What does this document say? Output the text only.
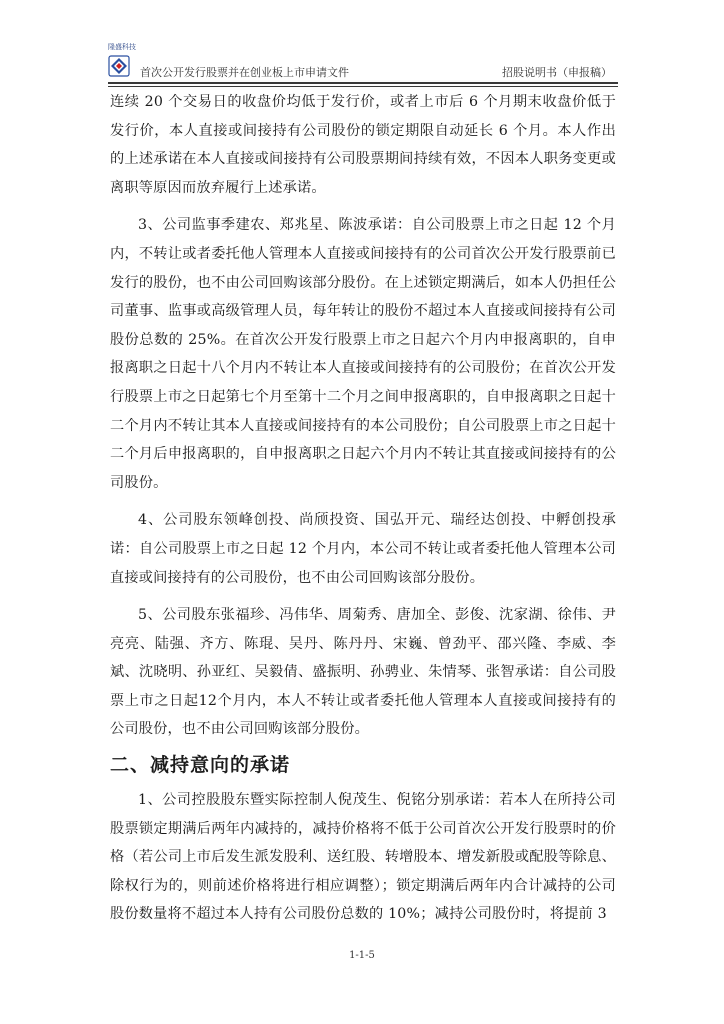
隆盛科技
首次公开发行股票并在创业板上市申请文件	招股说明书（申报稿）

连续 20 个交易日的收盘价均低于发行价，或者上市后 6 个月期末收盘价低于发行价，本人直接或间接持有公司股份的锁定期限自动延长 6 个月。本人作出的上述承诺在本人直接或间接持有公司股票期间持续有效，不因本人职务变更或离职等原因而放弃履行上述承诺。

3、公司监事季建农、郑兆星、陈波承诺：自公司股票上市之日起 12 个月内，不转让或者委托他人管理本人直接或间接持有的公司首次公开发行股票前已发行的股份，也不由公司回购该部分股份。在上述锁定期满后，如本人仍担任公司董事、监事或高级管理人员，每年转让的股份不超过本人直接或间接持有公司股份总数的 25%。在首次公开发行股票上市之日起六个月内申报离职的，自申报离职之日起十八个月内不转让本人直接或间接持有的公司股份；在首次公开发行股票上市之日起第七个月至第十二个月之间申报离职的，自申报离职之日起十二个月内不转让其本人直接或间接持有的本公司股份；自公司股票上市之日起十二个月后申报离职的，自申报离职之日起六个月内不转让其直接或间接持有的公司股份。

4、公司股东领峰创投、尚颀投资、国弘开元、瑞经达创投、中孵创投承诺：自公司股票上市之日起 12 个月内，本公司不转让或者委托他人管理本公司直接或间接持有的公司股份，也不由公司回购该部分股份。

5、公司股东张福珍、冯伟华、周菊秀、唐加全、彭俊、沈家湖、徐伟、尹亮亮、陆强、齐方、陈琨、吴丹、陈丹丹、宋巍、曾劲平、邵兴隆、李威、李斌、沈晓明、孙亚红、吴毅倩、盛振明、孙骋业、朱情琴、张智承诺：自公司股票上市之日起12个月内，本人不转让或者委托他人管理本人直接或间接持有的公司股份，也不由公司回购该部分股份。

二、减持意向的承诺

1、公司控股股东暨实际控制人倪茂生、倪铭分别承诺：若本人在所持公司股票锁定期满后两年内减持的，减持价格将不低于公司首次公开发行股票时的价格（若公司上市后发生派发股利、送红股、转增股本、增发新股或配股等除息、除权行为的，则前述价格将进行相应调整）；锁定期满后两年内合计减持的公司股份数量将不超过本人持有公司股份总数的 10%；减持公司股份时，将提前 3

1-1-5
